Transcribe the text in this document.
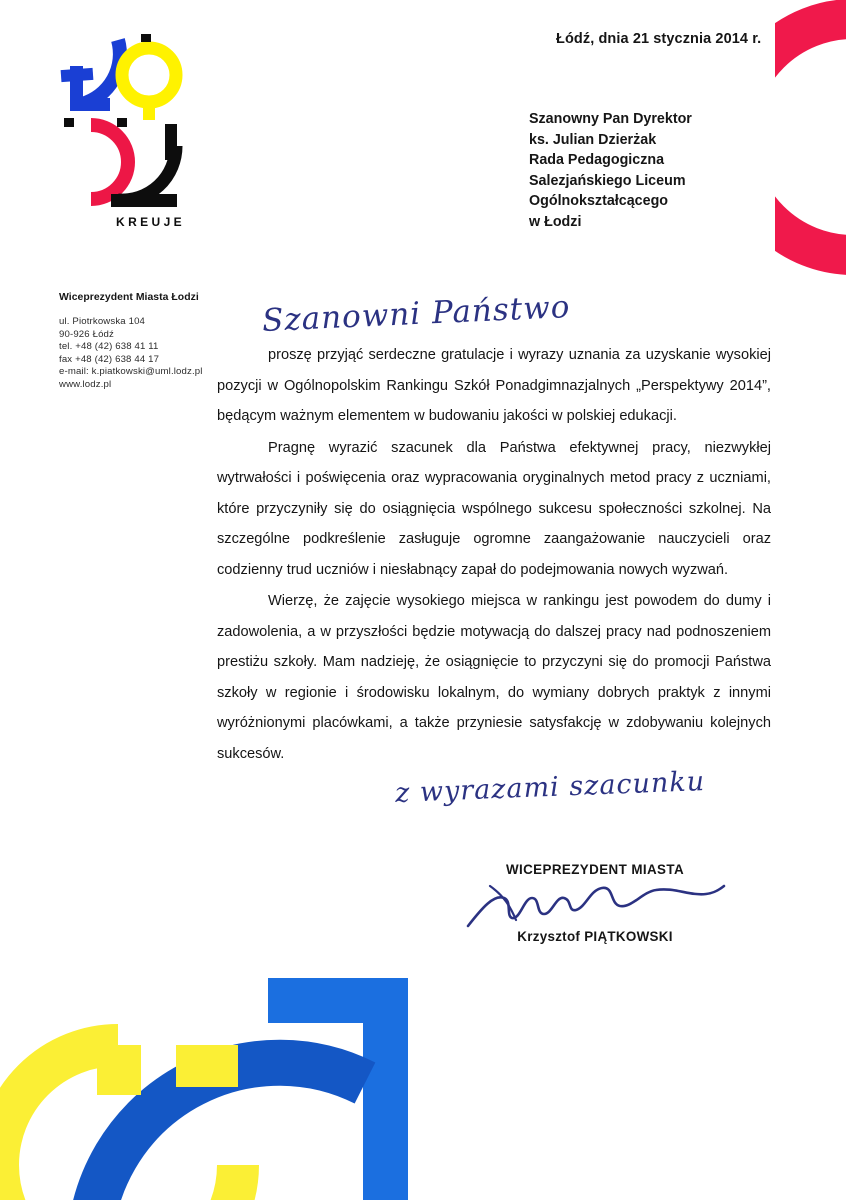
KREUJE
Łódź, dnia 21 stycznia 2014 r.
Szanowny Pan Dyrektor
ks. Julian Dzierżak
Rada Pedagogiczna
Salezjańskiego Liceum
Ogólnokształcącego
w Łodzi
Wiceprezydent Miasta Łodzi
ul. Piotrkowska 104
90-926 Łódź
tel. +48 (42) 638 41 11
fax +48 (42) 638 44 17
e-mail: k.piatkowski@uml.lodz.pl
www.lodz.pl
Szanowni Państwo

proszę przyjąć serdeczne gratulacje i wyrazy uznania za uzyskanie wysokiej pozycji w Ogólnopolskim Rankingu Szkół Ponadgimnazjalnych „Perspektywy 2014”, będącym ważnym elementem w budowaniu jakości w polskiej edukacji.

Pragnę wyrazić szacunek dla Państwa efektywnej pracy, niezwykłej wytrwałości i poświęcenia oraz wypracowania oryginalnych metod pracy z uczniami, które przyczyniły się do osiągnięcia wspólnego sukcesu społeczności szkolnej. Na szczególne podkreślenie zasługuje ogromne zaangażowanie nauczycieli oraz codzienny trud uczniów i niesłabnący zapał do podejmowania nowych wyzwań.

Wierzę, że zajęcie wysokiego miejsca w rankingu jest powodem do dumy i zadowolenia, a w przyszłości będzie motywacją do dalszej pracy nad podnoszeniem prestiżu szkoły. Mam nadzieję, że osiągnięcie to przyczyni się do promocji Państwa szkoły w regionie i środowisku lokalnym, do wymiany dobrych praktyk z innymi wyróżnionymi placówkami, a także przyniesie satysfakcję w zdobywaniu kolejnych sukcesów.

z wyrazami szacunku
WICEPREZYDENT MIASTA
Krzysztof PIĄTKOWSKI
